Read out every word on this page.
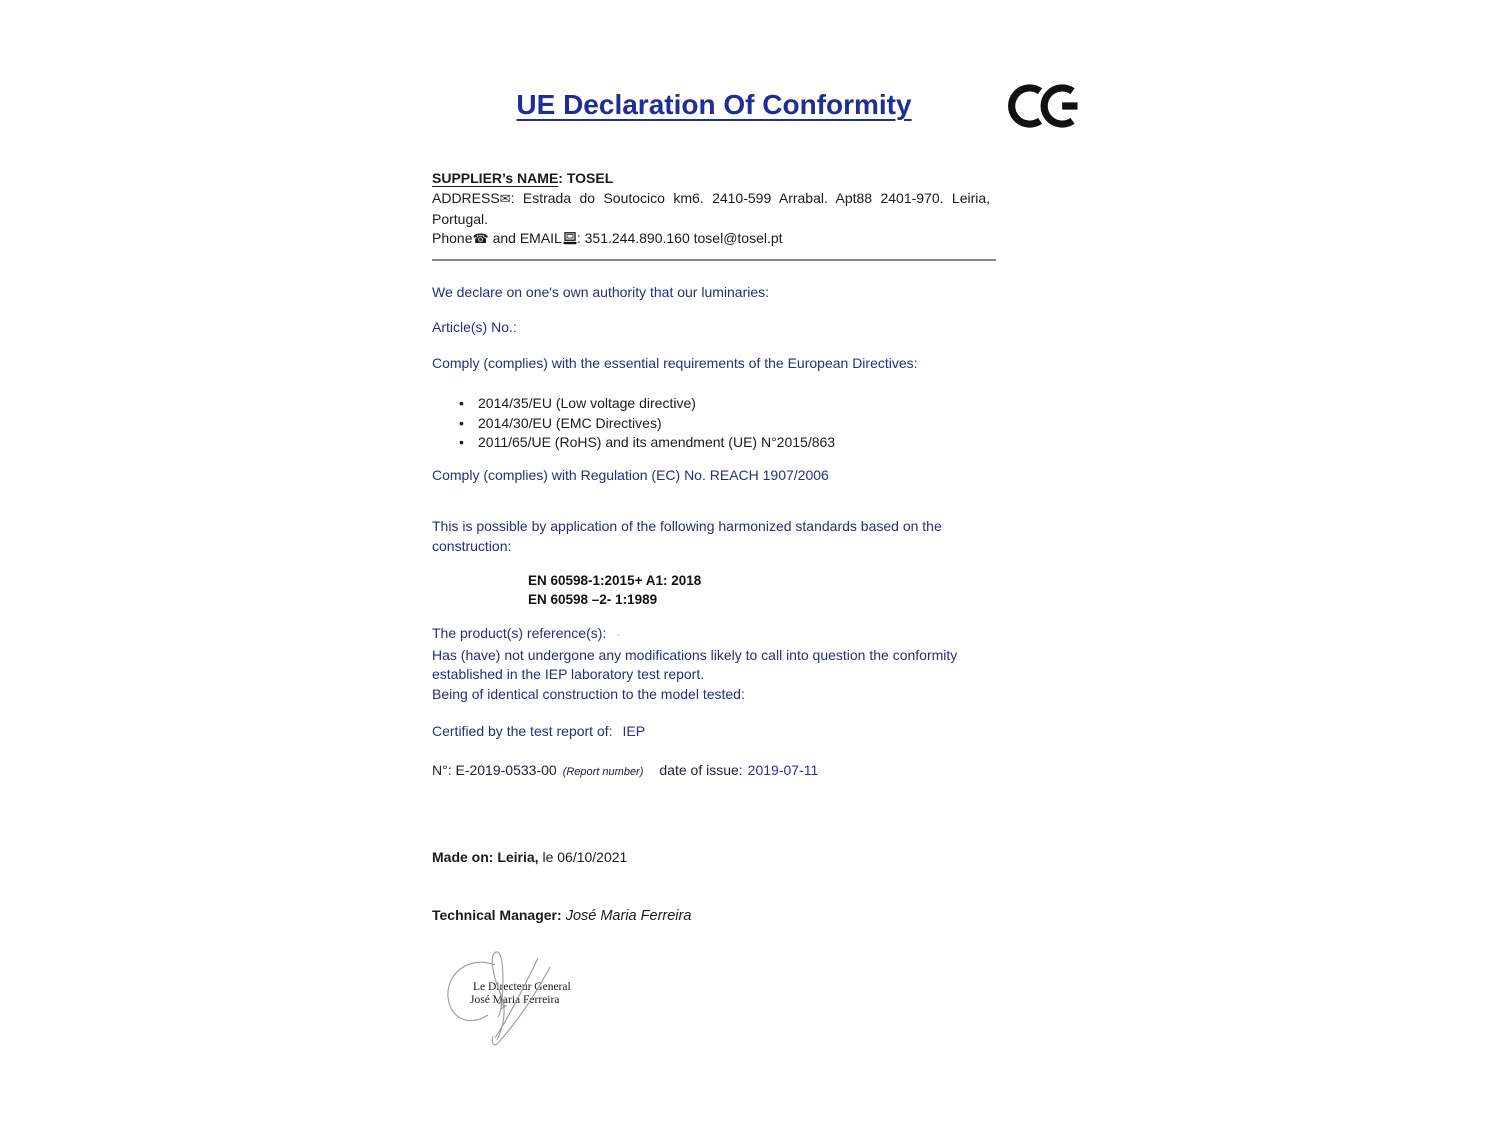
UE Declaration Of Conformity
SUPPLIER’s NAME: TOSEL
ADDRESS✉: Estrada do Soutocico km6. 2410-599 Arrabal. Apt88 2401-970. Leiria,
Portugal.
Phone☎ and EMAIL : 351.244.890.160 tosel@tosel.pt
We declare on one's own authority that our luminaries:
Article(s) No.:
Comply (complies) with the essential requirements of the European Directives:
• 2014/35/EU (Low voltage directive)
• 2014/30/EU (EMC Directives)
• 2011/65/UE (RoHS) and its amendment (UE) N°2015/863
Comply (complies) with Regulation (EC) No. REACH 1907/2006
This is possible by application of the following harmonized standards based on the
construction:
EN 60598-1:2015+ A1: 2018
EN 60598 –2- 1:1989
The product(s) reference(s): ·
Has (have) not undergone any modifications likely to call into question the conformity
established in the IEP laboratory test report.
Being of identical construction to the model tested:
Certified by the test report of: IEP
N°: E-2019-0533-00 (Report number) date of issue: 2019-07-11
Made on: Leiria, le 06/10/2021
Technical Manager: José Maria Ferreira
Le Directeur General
José Maria Ferreira
